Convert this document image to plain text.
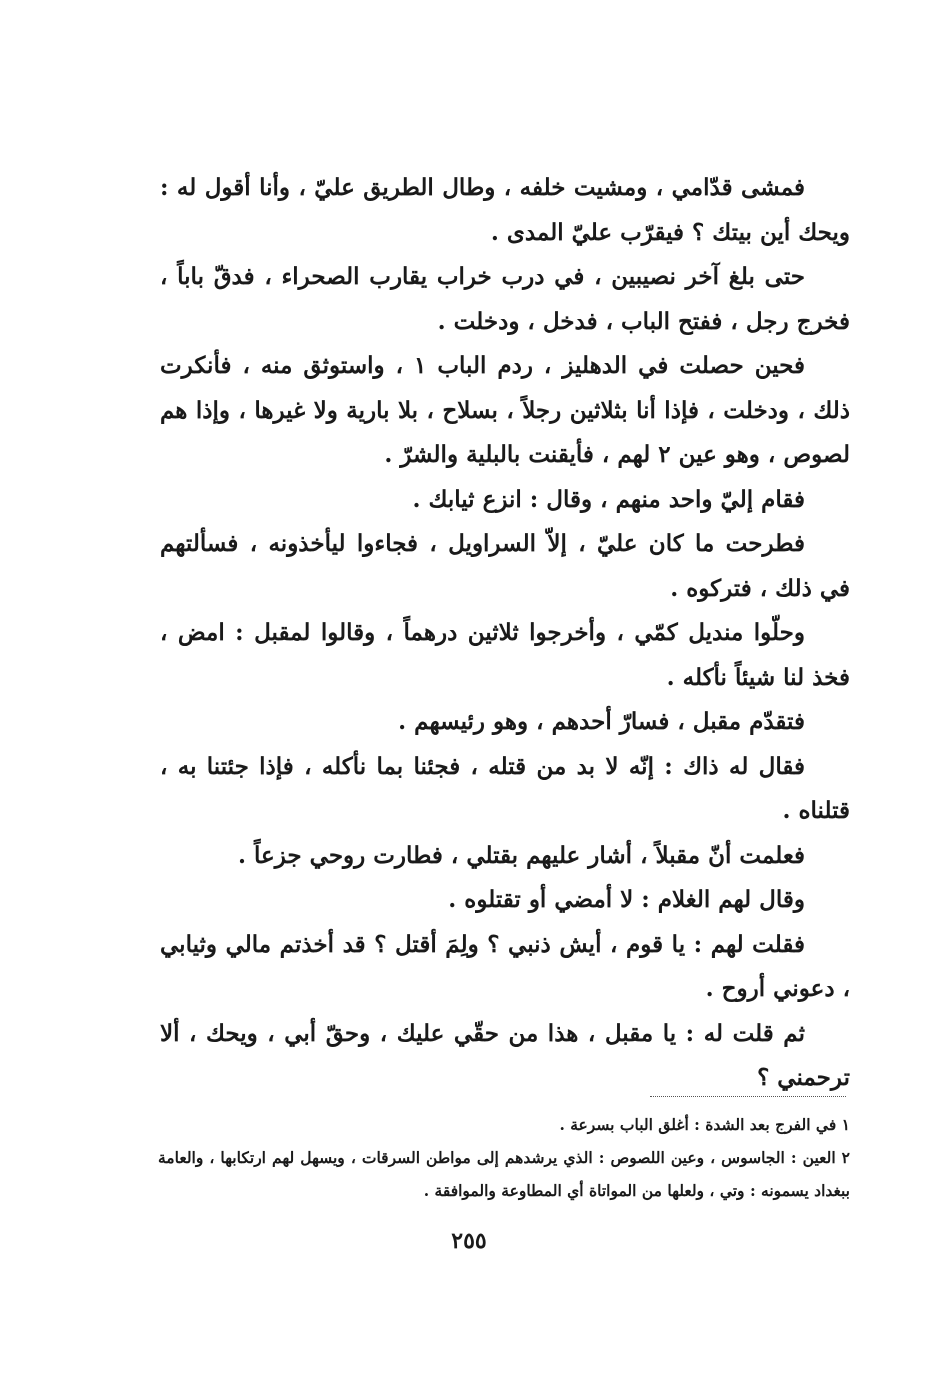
فمشى قدّامي ، ومشيت خلفه ، وطال الطريق عليّ ، وأنا أقول له : ويحك أين بيتك ؟ فيقرّب عليّ المدى .

حتى بلغ آخر نصيبين ، في درب خراب يقارب الصحراء ، فدقّ باباً ، فخرج رجل ، ففتح الباب ، فدخل ، ودخلت .

فحين حصلت في الدهليز ، ردم الباب ١ ، واستوثق منه ، فأنكرت ذلك ، ودخلت ، فإذا أنا بثلاثين رجلاً ، بسلاح ، بلا بارية ولا غيرها ، وإذا هم لصوص ، وهو عين ٢ لهم ، فأيقنت بالبلية والشرّ .

فقام إليّ واحد منهم ، وقال : انزع ثيابك .

فطرحت ما كان عليّ ، إلاّ السراويل ، فجاءوا ليأخذونه ، فسألتهم في ذلك ، فتركوه .

وحلّوا منديل كمّي ، وأخرجوا ثلاثين درهماً ، وقالوا لمقبل : امض ، فخذ لنا شيئاً نأكله .

فتقدّم مقبل ، فسارّ أحدهم ، وهو رئيسهم .

فقال له ذاك : إنّه لا بد من قتله ، فجئنا بما نأكله ، فإذا جئتنا به ، قتلناه .

فعلمت أنّ مقبلاً ، أشار عليهم بقتلي ، فطارت روحي جزعاً .

وقال لهم الغلام : لا أمضي أو تقتلوه .

فقلت لهم : يا قوم ، أيش ذنبي ؟ ولِمَ أقتل ؟ قد أخذتم مالي وثيابي ، دعوني أروح .

ثم قلت له : يا مقبل ، هذا من حقّي عليك ، وحقّ أبي ، ويحك ، ألا ترحمني ؟

١ في الفرج بعد الشدة : أغلق الباب بسرعة .

٢ العين : الجاسوس ، وعين اللصوص : الذي يرشدهم إلى مواطن السرقات ، ويسهل لهم ارتكابها ، والعامة ببغداد يسمونه : وتي ، ولعلها من المواتاة أي المطاوعة والموافقة .

٢٥٥
